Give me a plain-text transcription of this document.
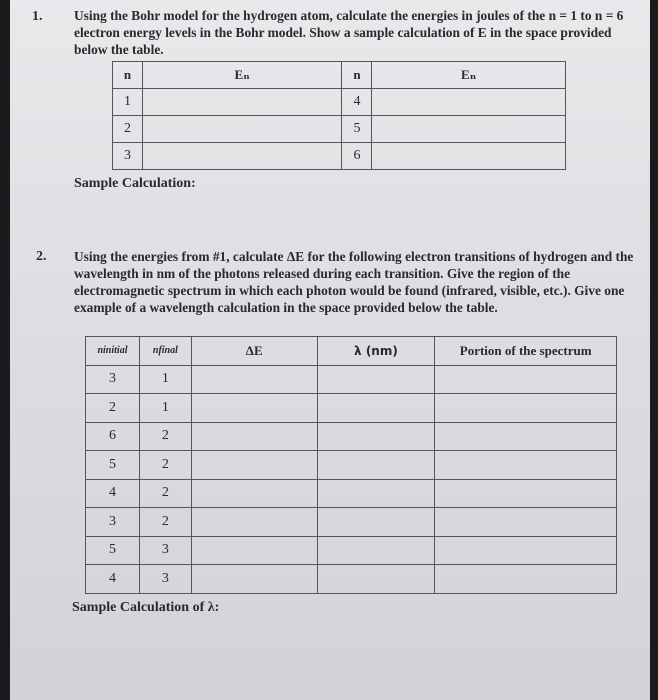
1. Using the Bohr model for the hydrogen atom, calculate the energies in joules of the n = 1 to n = 6 electron energy levels in the Bohr model. Show a sample calculation of E in the space provided below the table.
n	Eₙ	n	Eₙ
1		4	
2		5	
3		6	
Sample Calculation:
2. Using the energies from #1, calculate ΔE for the following electron transitions of hydrogen and the wavelength in nm of the photons released during each transition. Give the region of the electromagnetic spectrum in which each photon would be found (infrared, visible, etc.). Give one example of a wavelength calculation in the space provided below the table.
ninitial	nfinal	ΔE	λ (nm)	Portion of the spectrum
3	1			
2	1			
6	2			
5	2			
4	2			
3	2			
5	3			
4	3			
Sample Calculation of λ:
